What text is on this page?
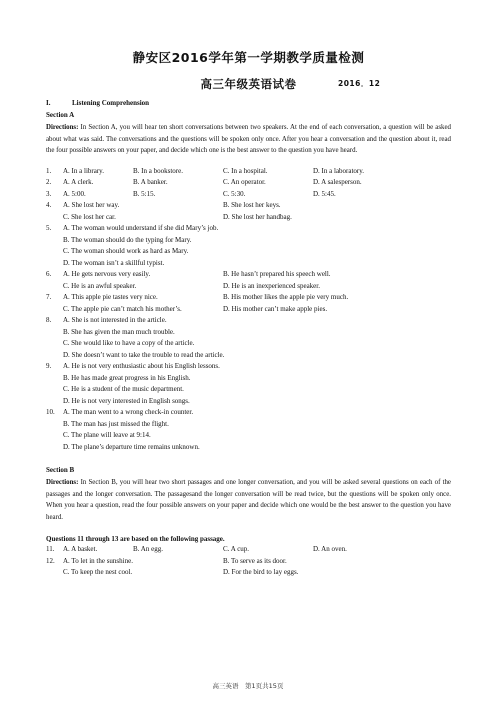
静安区2016学年第一学期教学质量检测
高三年级英语试卷	2016．12
I.	Listening Comprehension
Section A
Directions: In Section A, you will hear ten short conversations between two speakers. At the end of each conversation, a question will be asked about what was said. The conversations and the questions will be spoken only once. After you hear a conversation and the question about it, read the four possible answers on your paper, and decide which one is the best answer to the question you have heard.
1.	A. In a library.	B. In a bookstore.	C. In a hospital.	D. In a laboratory.
2.	A. A clerk.	B. A banker.	C. An operator.	D. A salesperson.
3.	A. 5:00.	B. 5:15.	C. 5:30.	D. 5:45.
4.	A. She lost her way.	B. She lost her keys.
C. She lost her car.	D. She lost her handbag.
5.	A. The woman would understand if she did Mary’s job.
B. The woman should do the typing for Mary.
C. The woman should work as hard as Mary.
D. The woman isn’t a skillful typist.
6.	A. He gets nervous very easily.	B. He hasn’t prepared his speech well.
C. He is an awful speaker.	D. He is an inexperienced speaker.
7.	A. This apple pie tastes very nice.	B. His mother likes the apple pie very much.
C. The apple pie can’t match his mother’s.	D. His mother can’t make apple pies.
8.	A. She is not interested in the article.
B. She has given the man much trouble.
C. She would like to have a copy of the article.
D. She doesn’t want to take the trouble to read the article.
9.	A. He is not very enthusiastic about his English lessons.
B. He has made great progress in his English.
C. He is a student of the music department.
D. He is not very interested in English songs.
10.	A. The man went to a wrong check-in counter.
B. The man has just missed the flight.
C. The plane will leave at 9:14.
D. The plane’s departure time remains unknown.
Section B
Directions: In Section B, you will hear two short passages and one longer conversation, and you will be asked several questions on each of the passages and the longer conversation. The passagesand the longer conversation will be read twice, but the questions will be spoken only once. When you hear a question, read the four possible answers on your paper and decide which one would be the best answer to the question you have heard.
Questions 11 through 13 are based on the following passage.
11.	A. A basket.	B. An egg.	C. A cup.	D. An oven.
12.	A. To let in the sunshine.	B. To serve as its door.
C. To keep the nest cool.	D. For the bird to lay eggs.
高三英语　第1页共15页
